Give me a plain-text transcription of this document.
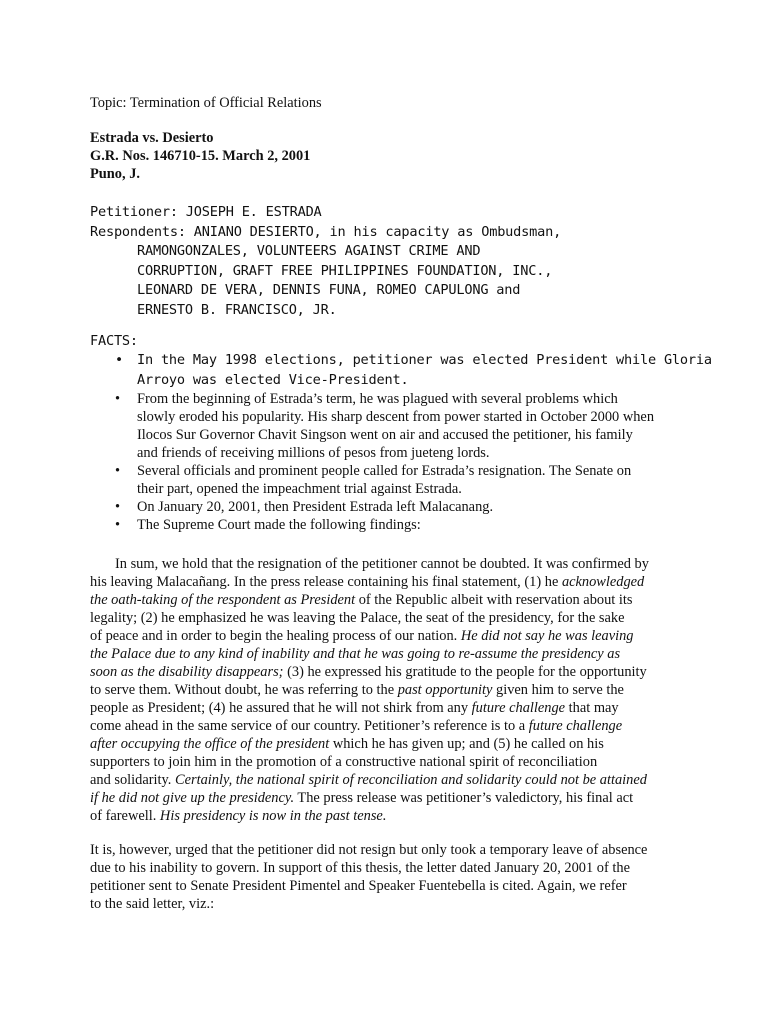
Topic: Termination of Official Relations
Estrada vs. Desierto
G.R. Nos. 146710-15. March 2, 2001
Puno, J.
Petitioner: JOSEPH E. ESTRADA
Respondents: ANIANO DESIERTO, in his capacity as Ombudsman,
RAMONGONZALES, VOLUNTEERS AGAINST CRIME AND
CORRUPTION, GRAFT FREE PHILIPPINES FOUNDATION, INC.,
LEONARD DE VERA, DENNIS FUNA, ROMEO CAPULONG and
ERNESTO B. FRANCISCO, JR.
FACTS:
• In the May 1998 elections, petitioner was elected President while Gloria
Arroyo was elected Vice-President.
• From the beginning of Estrada’s term, he was plagued with several problems which
slowly eroded his popularity. His sharp descent from power started in October 2000 when
Ilocos Sur Governor Chavit Singson went on air and accused the petitioner, his family
and friends of receiving millions of pesos from jueteng lords.
• Several officials and prominent people called for Estrada’s resignation. The Senate on
their part, opened the impeachment trial against Estrada.
• On January 20, 2001, then President Estrada left Malacanang.
• The Supreme Court made the following findings:
In sum, we hold that the resignation of the petitioner cannot be doubted. It was confirmed by
his leaving Malacañang. In the press release containing his final statement, (1) he acknowledged
the oath-taking of the respondent as President of the Republic albeit with reservation about its
legality; (2) he emphasized he was leaving the Palace, the seat of the presidency, for the sake
of peace and in order to begin the healing process of our nation. He did not say he was leaving
the Palace due to any kind of inability and that he was going to re-assume the presidency as
soon as the disability disappears; (3) he expressed his gratitude to the people for the opportunity
to serve them. Without doubt, he was referring to the past opportunity given him to serve the
people as President; (4) he assured that he will not shirk from any future challenge that may
come ahead in the same service of our country. Petitioner’s reference is to a future challenge
after occupying the office of the president which he has given up; and (5) he called on his
supporters to join him in the promotion of a constructive national spirit of reconciliation
and solidarity. Certainly, the national spirit of reconciliation and solidarity could not be attained
if he did not give up the presidency. The press release was petitioner’s valedictory, his final act
of farewell. His presidency is now in the past tense.
It is, however, urged that the petitioner did not resign but only took a temporary leave of absence
due to his inability to govern. In support of this thesis, the letter dated January 20, 2001 of the
petitioner sent to Senate President Pimentel and Speaker Fuentebella is cited. Again, we refer
to the said letter, viz.:
